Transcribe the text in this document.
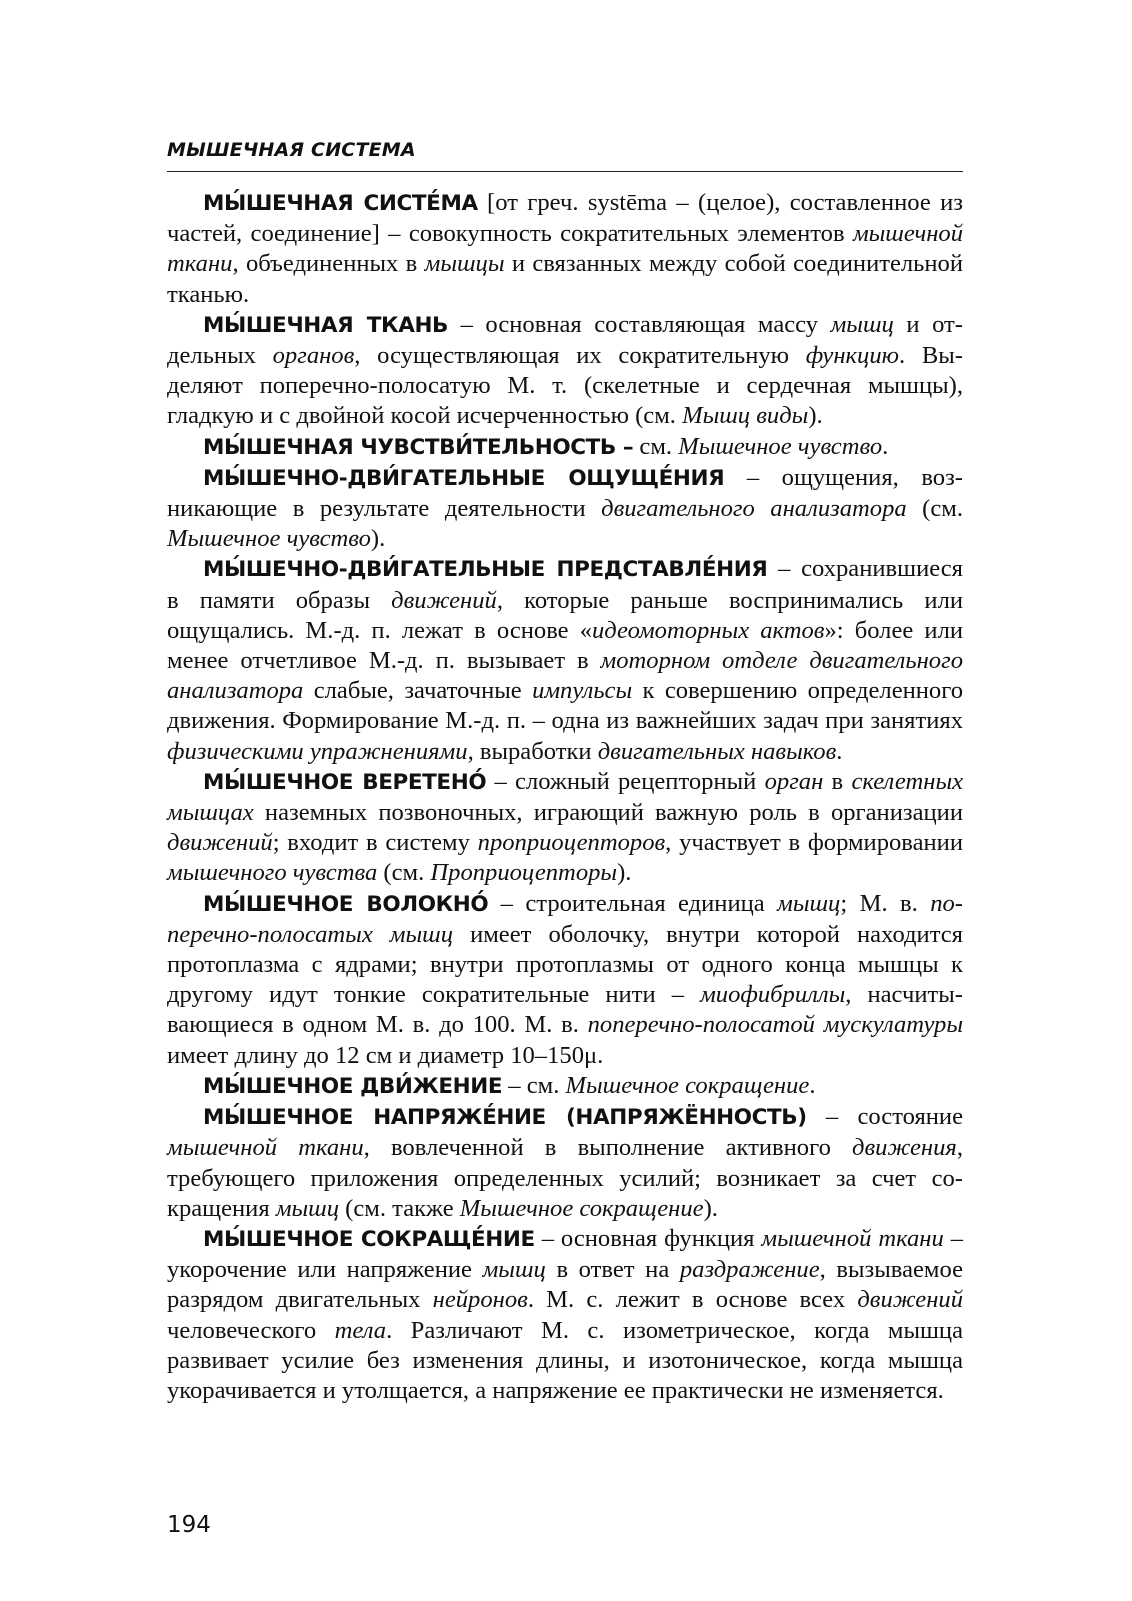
МЫШЕЧНАЯ СИСТЕМА

МЫ́ШЕЧНАЯ СИСТЕ́МА [от греч. systēma – (целое), составленное из частей, соединение] – совокупность сократительных элементов мышечной ткани, объединенных в мышцы и связанных между собой соединительной тканью.

МЫ́ШЕЧНАЯ ТКАНЬ – основная составляющая массу мышц и отдельных органов, осуществляющая их сократительную функцию. Выделяют поперечно-полосатую М. т. (скелетные и сердечная мышцы), гладкую и с двойной косой исчерченностью (см. Мышц виды).

МЫ́ШЕЧНАЯ ЧУВСТВИ́ТЕЛЬНОСТЬ – см. Мышечное чувство.

МЫ́ШЕЧНО-ДВИ́ГАТЕЛЬНЫЕ ОЩУЩЕ́НИЯ – ощущения, возникающие в результате деятельности двигательного анализатора (см. Мышечное чувство).

МЫ́ШЕЧНО-ДВИ́ГАТЕЛЬНЫЕ ПРЕДСТАВЛЕ́НИЯ – сохранившиеся в памяти образы движений, которые раньше воспринимались или ощущались. М.-д. п. лежат в основе «идеомоторных актов»: более или менее отчетливое М.-д. п. вызывает в моторном отделе двигательного анализатора слабые, зачаточные импульсы к совершению определенного движения. Формирование М.-д. п. – одна из важнейших задач при занятиях физическими упражнениями, выработки двигательных навыков.

МЫ́ШЕЧНОЕ ВЕРЕТЕНО́ – сложный рецепторный орган в скелетных мышцах наземных позвоночных, играющий важную роль в организации движений; входит в систему проприоцепторов, участвует в формировании мышечного чувства (см. Проприоцепторы).

МЫ́ШЕЧНОЕ ВОЛОКНО́ – строительная единица мышц; М. в. поперечно-полосатых мышц имеет оболочку, внутри которой находится протоплазма с ядрами; внутри протоплазмы от одного конца мышцы к другому идут тонкие сократительные нити – миофибриллы, насчитывающиеся в одном М. в. до 100. М. в. поперечно-полосатой мускулатуры имеет длину до 12 см и диаметр 10–150μ.

МЫ́ШЕЧНОЕ ДВИ́ЖЕНИЕ – см. Мышечное сокращение.

МЫ́ШЕЧНОЕ НАПРЯЖЕ́НИЕ (НАПРЯЖЁННОСТЬ) – состояние мышечной ткани, вовлеченной в выполнение активного движения, требующего приложения определенных усилий; возникает за счет сокращения мышц (см. также Мышечное сокращение).

МЫ́ШЕЧНОЕ СОКРАЩЕ́НИЕ – основная функция мышечной ткани – укорочение или напряжение мышц в ответ на раздражение, вызываемое разрядом двигательных нейронов. М. с. лежит в основе всех движений человеческого тела. Различают М. с. изометрическое, когда мышца развивает усилие без изменения длины, и изотоническое, когда мышца укорачивается и утолщается, а напряжение ее практически не изменяется.

194
